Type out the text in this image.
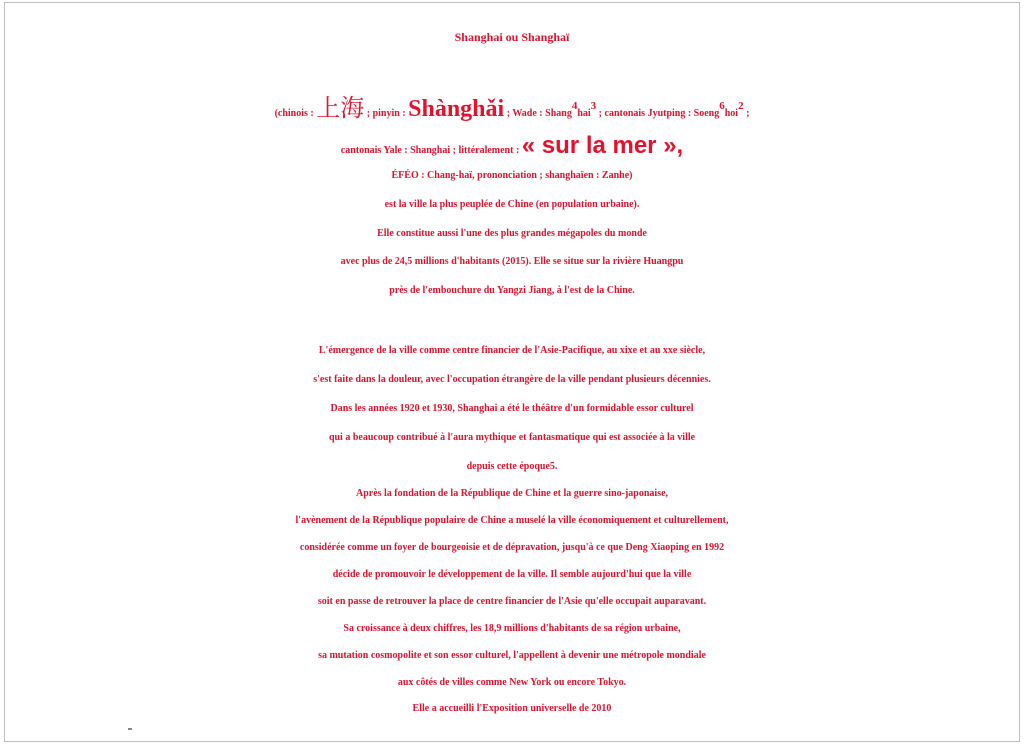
Shanghai ou Shanghaï
(chinois : 上海 ; pinyin : Shànghǎi ; Wade : Shang$^4$hai$^3$ ; cantonais Jyutping : Soeng$^6$hoi$^2$ ;
cantonais Yale : Shanghai ; littéralement : « sur la mer »,
ÉFÉO : Chang-haï, prononciation ; shanghaïen : Zanhe)
est la ville la plus peuplée de Chine (en population urbaine).
Elle constitue aussi l'une des plus grandes mégapoles du monde
avec plus de 24,5 millions d'habitants (2015). Elle se situe sur la rivière Huangpu
près de l'embouchure du Yangzi Jiang, à l'est de la Chine.
L'émergence de la ville comme centre financier de l'Asie-Pacifique, au xixe et au xxe siècle,
s'est faite dans la douleur, avec l'occupation étrangère de la ville pendant plusieurs décennies.
Dans les années 1920 et 1930, Shanghai a été le théâtre d'un formidable essor culturel
qui a beaucoup contribué à l'aura mythique et fantasmatique qui est associée à la ville
depuis cette époque5.
Après la fondation de la République de Chine et la guerre sino-japonaise,
l'avènement de la République populaire de Chine a muselé la ville économiquement et culturellement,
considérée comme un foyer de bourgeoisie et de dépravation, jusqu'à ce que Deng Xiaoping en 1992
décide de promouvoir le développement de la ville. Il semble aujourd'hui que la ville
soit en passe de retrouver la place de centre financier de l'Asie qu'elle occupait auparavant.
Sa croissance à deux chiffres, les 18,9 millions d'habitants de sa région urbaine,
sa mutation cosmopolite et son essor culturel, l'appellent à devenir une métropole mondiale
aux côtés de villes comme New York ou encore Tokyo.
Elle a accueilli l'Exposition universelle de 2010
